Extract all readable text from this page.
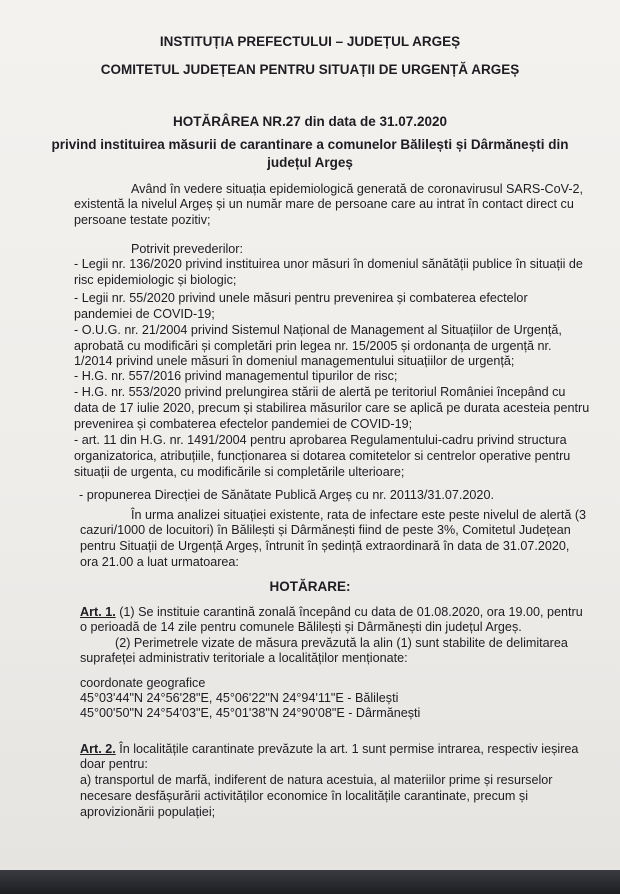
INSTITUȚIA PREFECTULUI – JUDEȚUL ARGEȘ
COMITETUL JUDEȚEAN PENTRU SITUAȚII DE URGENȚĂ ARGEȘ
HOTĂRÂREA NR.27 din data de 31.07.2020
privind instituirea măsurii de carantinare a comunelor Bălilești și Dârmănești din
județul Argeș
Având în vedere situația epidemiologică generată de coronavirusul SARS-CoV-2,
existentă la nivelul Argeș și un număr mare de persoane care au intrat în contact direct cu
persoane testate pozitiv;
Potrivit prevederilor:
- Legii nr. 136/2020 privind instituirea unor măsuri în domeniul sănătății publice în situații de
risc epidemiologic și biologic;
- Legii nr. 55/2020 privind unele măsuri pentru prevenirea și combaterea efectelor
pandemiei de COVID-19;
- O.U.G. nr. 21/2004 privind Sistemul Național de Management al Situațiilor de Urgență,
aprobată cu modificări și completări prin legea nr. 15/2005 și ordonanța de urgență nr.
1/2014 privind unele măsuri în domeniul managementului situațiilor de urgență;
- H.G. nr. 557/2016 privind managementul tipurilor de risc;
- H.G. nr. 553/2020 privind prelungirea stării de alertă pe teritoriul României începând cu
data de 17 iulie 2020, precum și stabilirea măsurilor care se aplică pe durata acesteia pentru
prevenirea și combaterea efectelor pandemiei de COVID-19;
- art. 11 din H.G. nr. 1491/2004 pentru aprobarea Regulamentului-cadru privind structura
organizatorica, atribuțiile, funcționarea si dotarea comitetelor si centrelor operative pentru
situații de urgenta, cu modificările si completările ulterioare;
- propunerea Direcției de Sănătate Publică Argeș cu nr. 20113/31.07.2020.
În urma analizei situației existente, rata de infectare este peste nivelul de alertă (3
cazuri/1000 de locuitori) în Bălilești și Dârmănești fiind de peste 3%, Comitetul Județean
pentru Situații de Urgență Argeș, întrunit în ședință extraordinară în data de 31.07.2020,
ora 21.00 a luat urmatoarea:
HOTĂRARE:
Art. 1. (1) Se instituie carantină zonală începând cu data de 01.08.2020, ora 19.00, pentru
o perioadă de 14 zile pentru comunele Bălilești și Dârmănești din județul Argeș.
(2) Perimetrele vizate de măsura prevăzută la alin (1) sunt stabilite de delimitarea
suprafeței administrativ teritoriale a localităților menționate:
coordonate geografice
45°03'44"N 24°56'28"E, 45°06'22"N 24°94'11"E - Bălilești
45°00'50"N 24°54'03"E, 45°01'38"N 24°90'08"E - Dârmănești
Art. 2. În localitățile carantinate prevăzute la art. 1 sunt permise intrarea, respectiv ieșirea
doar pentru:
a) transportul de marfă, indiferent de natura acestuia, al materiilor prime și resurselor
necesare desfășurării activităților economice în localitățile carantinate, precum și
aprovizionării populației;
